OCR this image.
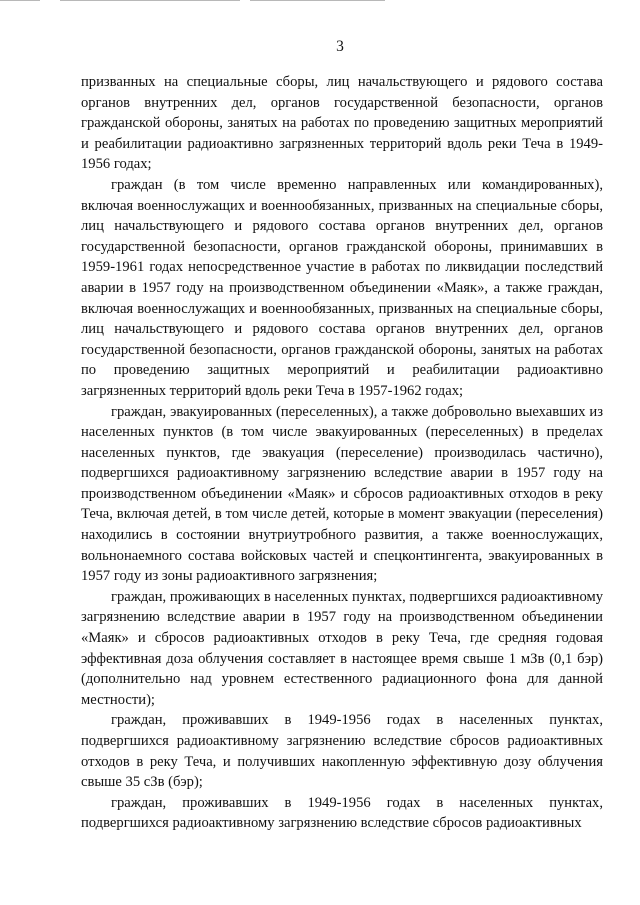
3

призванных на специальные сборы, лиц начальствующего и рядового состава органов внутренних дел, органов государственной безопасности, органов гражданской обороны, занятых на работах по проведению защитных мероприятий и реабилитации радиоактивно загрязненных территорий вдоль реки Теча в 1949-1956 годах;

граждан (в том числе временно направленных или командированных), включая военнослужащих и военнообязанных, призванных на специальные сборы, лиц начальствующего и рядового состава органов внутренних дел, органов государственной безопасности, органов гражданской обороны, принимавших в 1959-1961 годах непосредственное участие в работах по ликвидации последствий аварии в 1957 году на производственном объединении «Маяк», а также граждан, включая военнослужащих и военнообязанных, призванных на специальные сборы, лиц начальствующего и рядового состава органов внутренних дел, органов государственной безопасности, органов гражданской обороны, занятых на работах по проведению защитных мероприятий и реабилитации радиоактивно загрязненных территорий вдоль реки Теча в 1957-1962 годах;

граждан, эвакуированных (переселенных), а также добровольно выехавших из населенных пунктов (в том числе эвакуированных (переселенных) в пределах населенных пунктов, где эвакуация (переселение) производилась частично), подвергшихся радиоактивному загрязнению вследствие аварии в 1957 году на производственном объединении «Маяк» и сбросов радиоактивных отходов в реку Теча, включая детей, в том числе детей, которые в момент эвакуации (переселения) находились в состоянии внутриутробного развития, а также военнослужащих, вольнонаемного состава войсковых частей и спецконтингента, эвакуированных в 1957 году из зоны радиоактивного загрязнения;

граждан, проживающих в населенных пунктах, подвергшихся радиоактивному загрязнению вследствие аварии в 1957 году на производственном объединении «Маяк» и сбросов радиоактивных отходов в реку Теча, где средняя годовая эффективная доза облучения составляет в настоящее время свыше 1 мЗв (0,1 бэр) (дополнительно над уровнем естественного радиационного фона для данной местности);

граждан, проживавших в 1949-1956 годах в населенных пунктах, подвергшихся радиоактивному загрязнению вследствие сбросов радиоактивных отходов в реку Теча, и получивших накопленную эффективную дозу облучения свыше 35 сЗв (бэр);

граждан, проживавших в 1949-1956 годах в населенных пунктах, подвергшихся радиоактивному загрязнению вследствие сбросов радиоактивных
